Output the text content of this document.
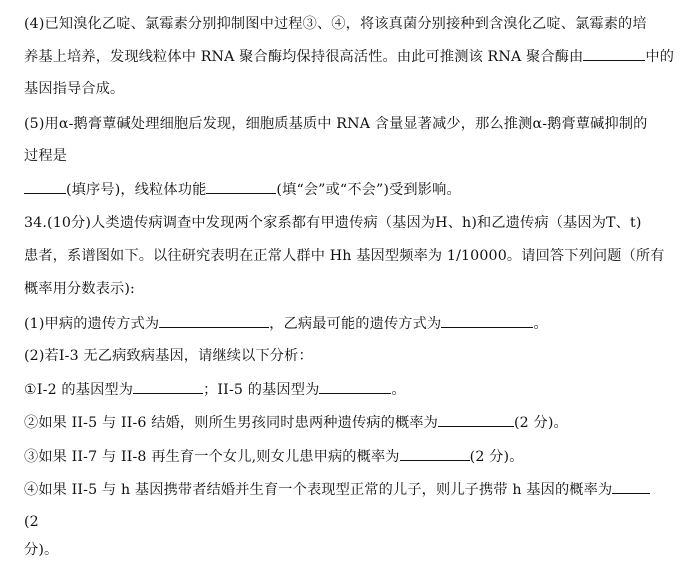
(4)已知溴化乙啶、氯霉素分别抑制图中过程③、④，将该真菌分别接种到含溴化乙啶、氯霉素的培
养基上培养，发现线粒体中 RNA 聚合酶均保持很高活性。由此可推测该 RNA 聚合酶由	中的
基因指导合成。
(5)用α-鹅膏蕈碱处理细胞后发现，细胞质基质中 RNA 含量显著减少，那么推测α-鹅膏蕈碱抑制的
过程是
(填序号)，线粒体功能	(填“会”或“不会”)受到影响。
34.(10分)人类遗传病调查中发现两个家系都有甲遗传病（基因为H、h)和乙遗传病（基因为T、t)
患者，系谱图如下。以往研究表明在正常人群中 Hh 基因型频率为 1/10000。请回答下列问题（所有
概率用分数表示):
(1)甲病的遗传方式为	，乙病最可能的遗传方式为	。
(2)若Ⅰ-3 无乙病致病基因，请继续以下分析：
①Ⅰ-2 的基因型为	；II-5 的基因型为	。
②如果 II-5 与 II-6 结婚，则所生男孩同时患两种遗传病的概率为	(2 分)。
③如果 II-7 与 II-8 再生育一个女儿,则女儿患甲病的概率为	(2 分)。
④如果 II-5 与 h 基因携带者结婚并生育一个表现型正常的儿子，则儿子携带 h 基因的概率为
(2
分)。
